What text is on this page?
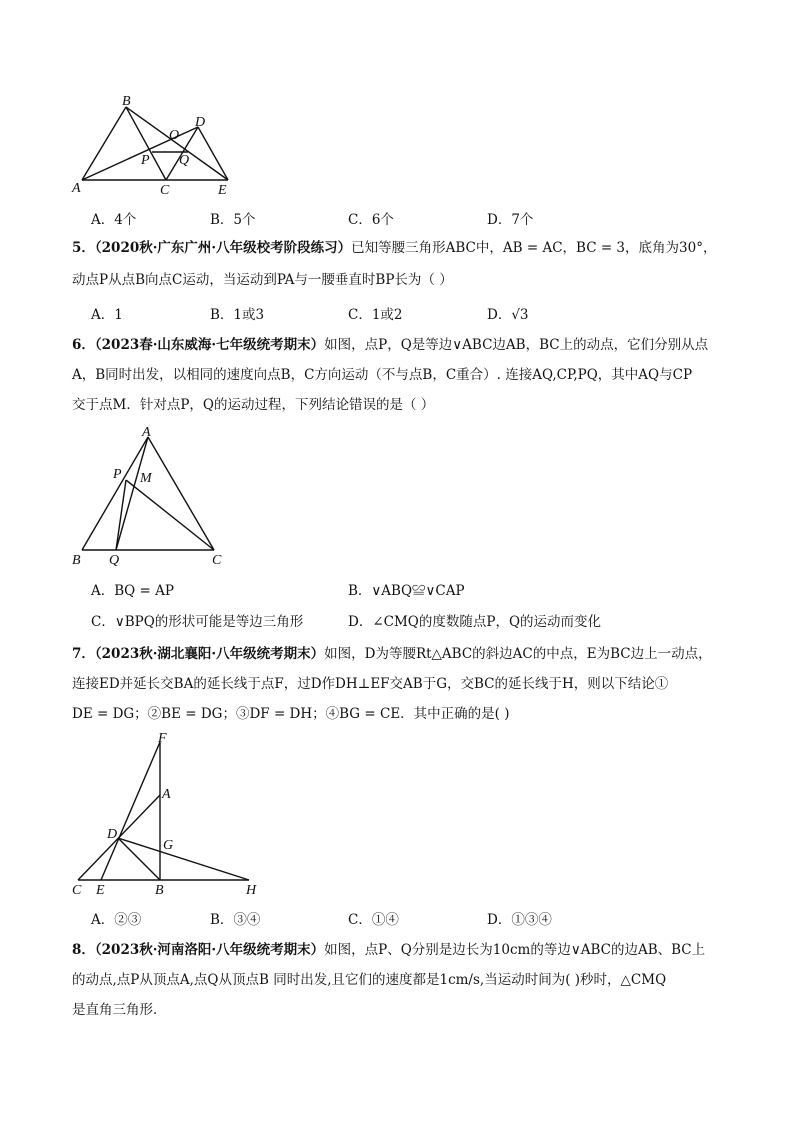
B
A	C	E
D
O
P Q
A．4个	B．5个	C．6个	D．7个
5．（2020秋·广东广州·八年级校考阶段练习）已知等腰三角形ABC中，AB = AC，BC = 3，底角为30°，
动点P从点B向点C运动，当运动到PA与一腰垂直时BP长为（ ）
A．1	B．1或3	C．1或2	D．√3
6．（2023春·山东威海·七年级统考期末）如图，点P，Q是等边∨ABC边AB，BC上的动点，它们分别从点
A，B同时出发，以相同的速度向点B，C方向运动（不与点B，C重合）. 连接AQ,CP,PQ，其中AQ与CP
交于点M．针对点P，Q的运动过程，下列结论错误的是（ ）
A
P M
B Q	C
A．BQ = AP	B．∨ABQ≌∨CAP
C．∨BPQ的形状可能是等边三角形	D．∠CMQ的度数随点P，Q的运动而变化
7．（2023秋·湖北襄阳·八年级统考期末）如图，D为等腰Rt△ABC的斜边AC的中点，E为BC边上一动点，
连接ED并延长交BA的延长线于点F，过D作DH⊥EF交AB于G，交BC的延长线于H，则以下结论①
DE = DG；②BE = DG；③DF = DH；④BG = CE．其中正确的是( )
F
A
D
G
C E	B	H
A．②③	B．③④	C．①④	D．①③④
8．（2023秋·河南洛阳·八年级统考期末）如图，点P、Q分别是边长为10cm的等边∨ABC的边AB、BC上
的动点,点P从顶点A,点Q从顶点B 同时出发,且它们的速度都是1cm/s,当运动时间为( )秒时，△CMQ
是直角三角形．
